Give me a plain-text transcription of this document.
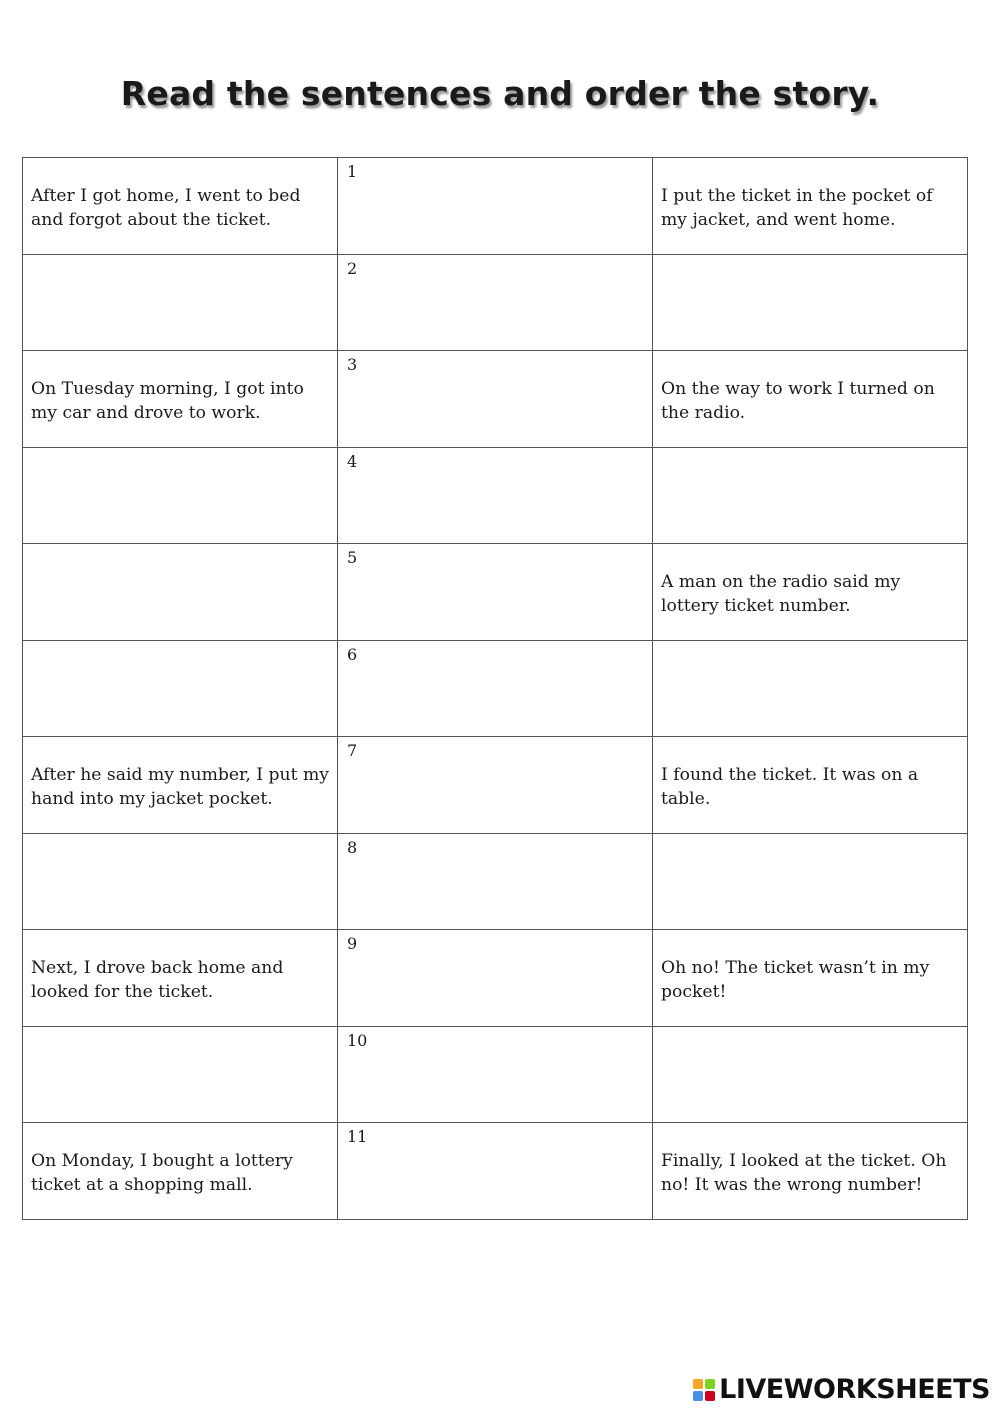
Read the sentences and order the story.
After I got home, I went to bed and forgot about the ticket.	1	I put the ticket in the pocket of my jacket, and went home.

	2	

On Tuesday morning, I got into my car and drove to work.	3	On the way to work I turned on the radio.

	4	

	5	A man on the radio said my lottery ticket number.

	6	

After he said my number, I put my hand into my jacket pocket.	7	I found the ticket. It was on a table.

	8	

Next, I drove back home and looked for the ticket.	9	Oh no! The ticket wasn’t in my pocket!

	10	

On Monday, I bought a lottery ticket at a shopping mall.	11	Finally, I looked at the ticket. Oh no! It was the wrong number!
LIVEWORKSHEETS
